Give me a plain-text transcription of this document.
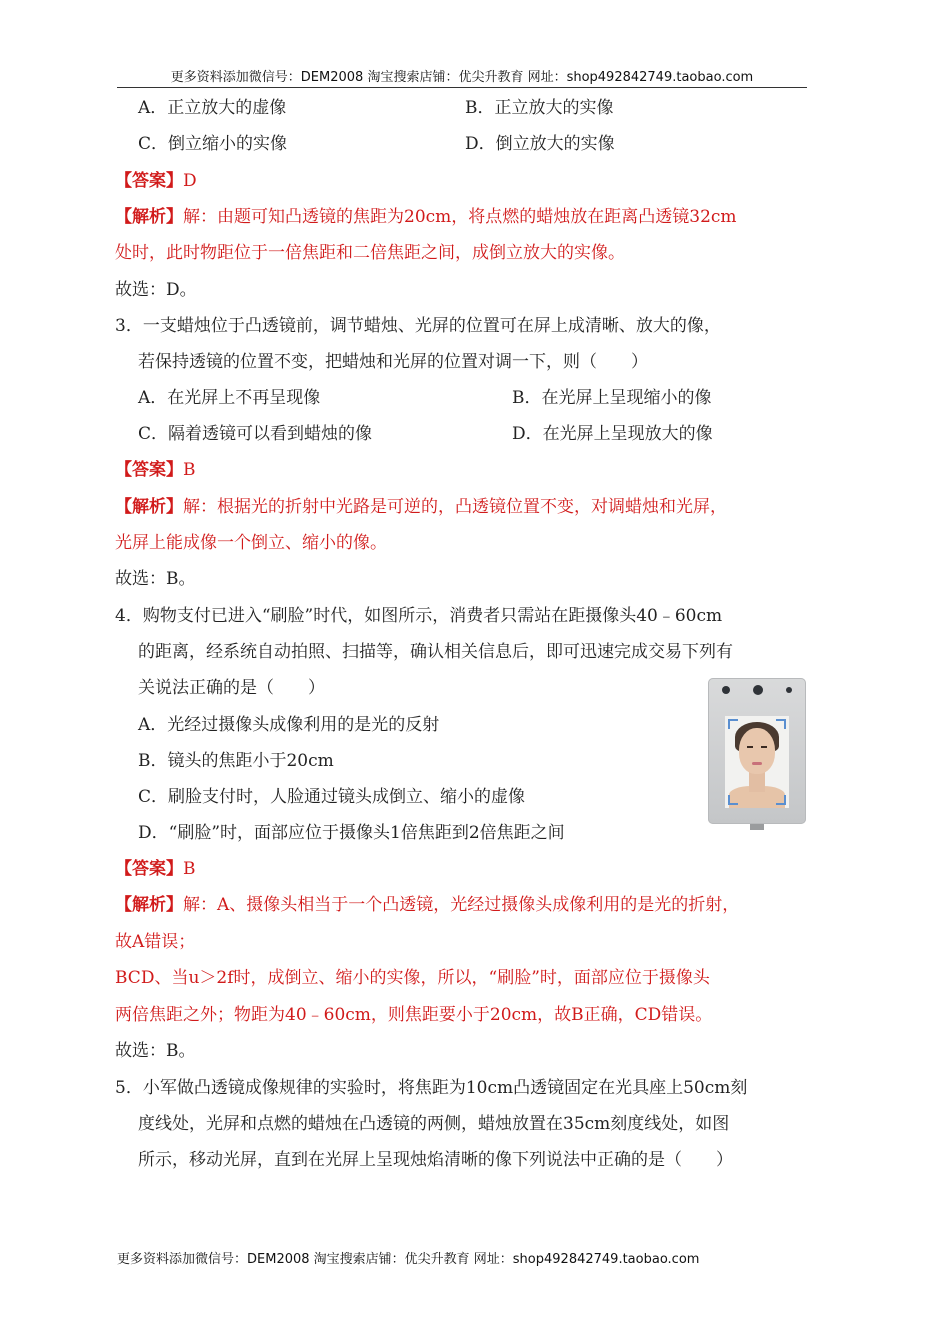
更多资料添加微信号：DEM2008 淘宝搜索店铺：优尖升教育 网址：shop492842749.taobao.com
A．正立放大的虚像	B．正立放大的实像
C．倒立缩小的实像	D．倒立放大的实像
【答案】D
【解析】解：由题可知凸透镜的焦距为20cm，将点燃的蜡烛放在距离凸透镜32cm
处时，此时物距位于一倍焦距和二倍焦距之间，成倒立放大的实像。
故选：D。
3．一支蜡烛位于凸透镜前，调节蜡烛、光屏的位置可在屏上成清晰、放大的像，
若保持透镜的位置不变，把蜡烛和光屏的位置对调一下，则（　　）
A．在光屏上不再呈现像	B．在光屏上呈现缩小的像
C．隔着透镜可以看到蜡烛的像	D．在光屏上呈现放大的像
【答案】B
【解析】解：根据光的折射中光路是可逆的，凸透镜位置不变，对调蜡烛和光屏，
光屏上能成像一个倒立、缩小的像。
故选：B。
4．购物支付已进入“刷脸”时代，如图所示，消费者只需站在距摄像头40﹣60cm
的距离，经系统自动拍照、扫描等，确认相关信息后，即可迅速完成交易下列有
关说法正确的是（　　）
A．光经过摄像头成像利用的是光的反射
B．镜头的焦距小于20cm
C．刷脸支付时，人脸通过镜头成倒立、缩小的虚像
D．“刷脸”时，面部应位于摄像头1倍焦距到2倍焦距之间
【答案】B
【解析】解：A、摄像头相当于一个凸透镜，光经过摄像头成像利用的是光的折射，
故A错误；
BCD、当u＞2f时，成倒立、缩小的实像，所以，“刷脸”时，面部应位于摄像头
两倍焦距之外；物距为40﹣60cm，则焦距要小于20cm，故B正确，CD错误。
故选：B。
5．小军做凸透镜成像规律的实验时，将焦距为10cm凸透镜固定在光具座上50cm刻
度线处，光屏和点燃的蜡烛在凸透镜的两侧，蜡烛放置在35cm刻度线处，如图
所示，移动光屏，直到在光屏上呈现烛焰清晰的像下列说法中正确的是（　　）
更多资料添加微信号：DEM2008 淘宝搜索店铺：优尖升教育 网址：shop492842749.taobao.com
